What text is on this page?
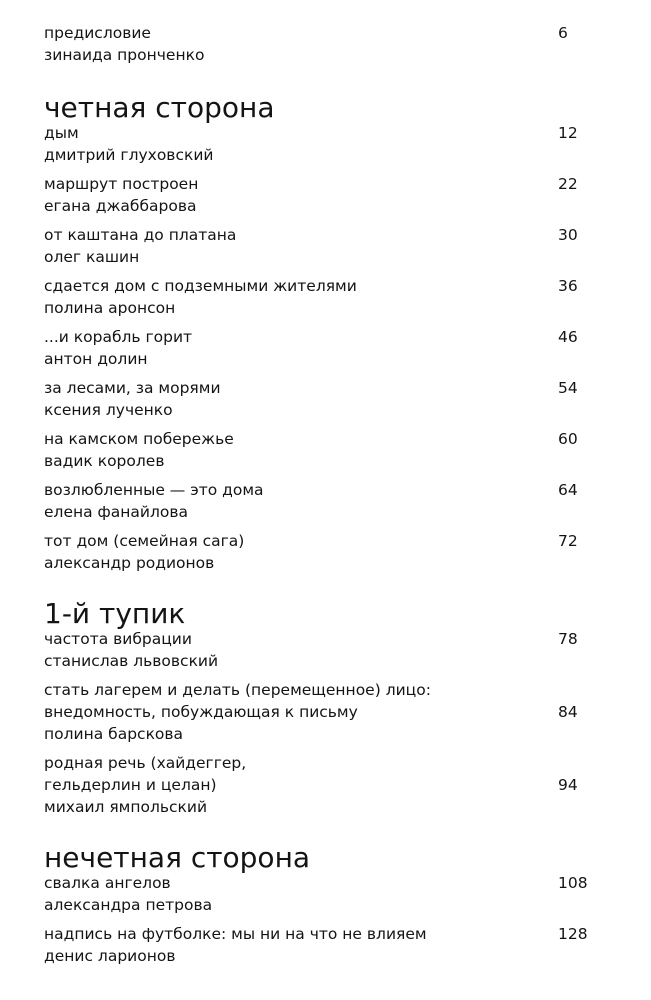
предисловие
зинаида пронченко
6
четная сторона
дым
дмитрий глуховский
12
маршрут построен
егана джаббарова
22
от каштана до платана
олег кашин
30
сдается дом с подземными жителями
полина аронсон
36
...и корабль горит
антон долин
46
за лесами, за морями
ксения лученко
54
на камском побережье
вадик королев
60
возлюбленные — это дома
елена фанайлова
64
тот дом (семейная сага)
александр родионов
72
1-й тупик
частота вибрации
станислав львовский
78
стать лагерем и делать (перемещенное) лицо:
внедомность, побуждающая к письму
полина барскова
84
родная речь (хайдеггер,
гельдерлин и целан)
михаил ямпольский
94
нечетная сторона
свалка ангелов
александра петрова
108
надпись на футболке: мы ни на что не влияем
денис ларионов
128
